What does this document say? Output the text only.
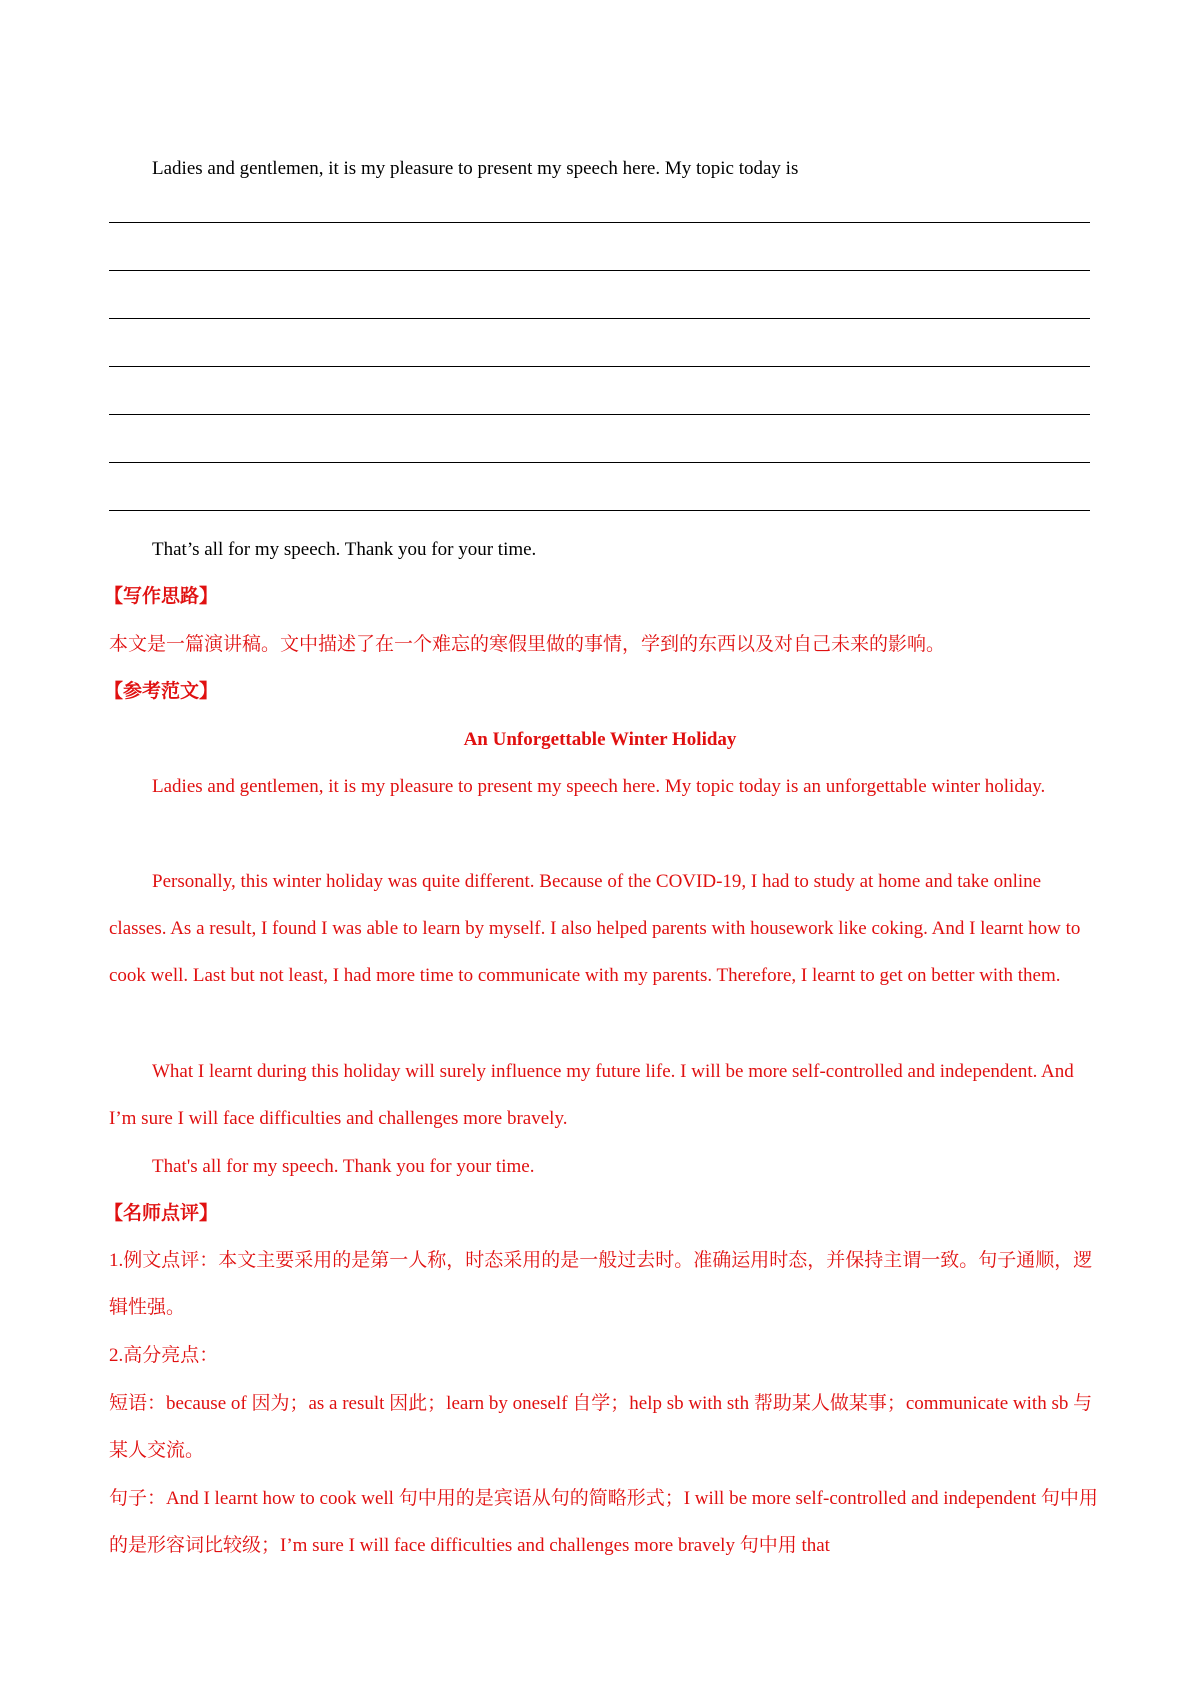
Ladies and gentlemen, it is my pleasure to present my speech here. My topic today is

That’s all for my speech. Thank you for your time.

【写作思路】

本文是一篇演讲稿。文中描述了在一个难忘的寒假里做的事情，学到的东西以及对自己未来的影响。

【参考范文】
An Unforgettable Winter Holiday

Ladies and gentlemen, it is my pleasure to present my speech here. My topic today is an unforgettable winter holiday.

Personally, this winter holiday was quite different. Because of the COVID-19, I had to study at home and take online classes. As a result, I found I was able to learn by myself. I also helped parents with housework like coking. And I learnt how to cook well. Last but not least, I had more time to communicate with my parents. Therefore, I learnt to get on better with them.

What I learnt during this holiday will surely influence my future life. I will be more self-controlled and independent. And I’m sure I will face difficulties and challenges more bravely.

That's all for my speech. Thank you for your time.

【名师点评】

1.例文点评：本文主要采用的是第一人称，时态采用的是一般过去时。准确运用时态，并保持主谓一致。句子通顺，逻辑性强。

2.高分亮点：

短语：because of 因为；as a result 因此；learn by oneself 自学；help sb with sth 帮助某人做某事；communicate with sb 与某人交流。

句子：And I learnt how to cook well 句中用的是宾语从句的简略形式；I will be more self-controlled and independent 句中用的是形容词比较级；I’m sure I will face difficulties and challenges more bravely 句中用 that
